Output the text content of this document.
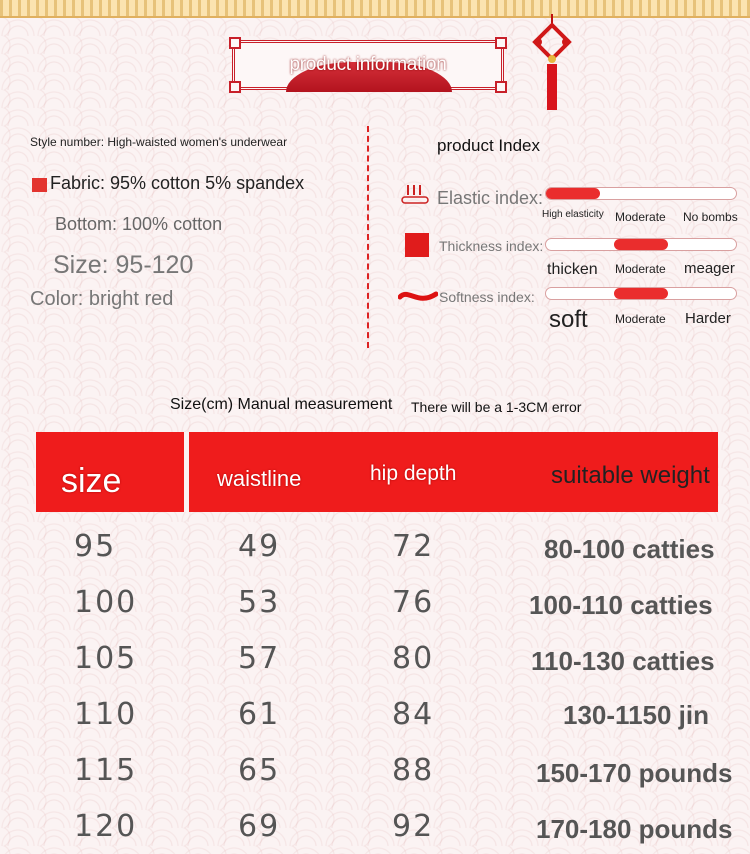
product information
Style number: High-waisted women's underwear
Fabric: 95% cotton 5% spandex
Bottom: 100% cotton
Size: 95-120
Color: bright red
product Index
Elastic index:
High elasticity Moderate No bombs
Thickness index:
thicken Moderate meager
Softness index:
soft Moderate Harder
Size(cm) Manual measurement There will be a 1-3CM error
size	waistline	hip depth	suitable weight
95	49	72	80-100 catties
100	53	76	100-110 catties
105	57	80	110-130 catties
110	61	84	130-1150 jin
115	65	88	150-170 pounds
120	69	92	170-180 pounds
